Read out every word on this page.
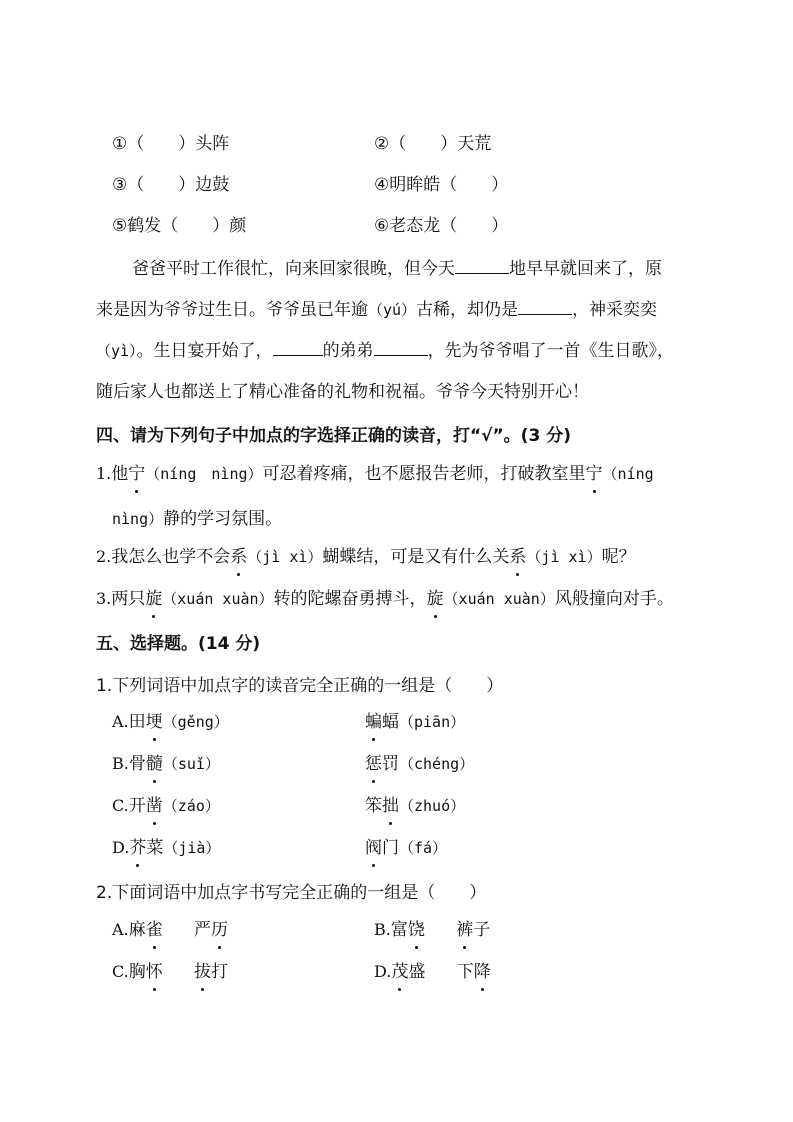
①（　　）头阵	②（　　）天荒
③（　　）边鼓	④明眸皓（　　）
⑤鹤发（　　）颜	⑥老态龙（　　）
爸爸平时工作很忙，向来回家很晚，但今天	地早早就回来了，原
来是因为爷爷过生日。爷爷虽已年逾（yú）古稀，却仍是	，神采奕奕
（yì）。生日宴开始了，	的弟弟	，先为爷爷唱了一首《生日歌》，
随后家人也都送上了精心准备的礼物和祝福。爷爷今天特别开心！
四、请为下列句子中加点的字选择正确的读音，打“√”。(3 分)
1.他宁（níng　nìng）可忍着疼痛，也不愿报告老师，打破教室里宁（níng
nìng）静的学习氛围。
2.我怎么也学不会系（jì xì）蝴蝶结，可是又有什么关系（jì xì）呢？
3.两只旋（xuán xuàn）转的陀螺奋勇搏斗，旋（xuán xuàn）风般撞向对手。
五、选择题。(14 分)
1.下列词语中加点字的读音完全正确的一组是（　　）
A.田埂（gěng）	蝙蝠（piān）
B.骨髓（suǐ）	惩罚（chéng）
C.开凿（záo）	笨拙（zhuó）
D.芥菜（jià）	阀门（fá）
2.下面词语中加点字书写完全正确的一组是（　　）
A.麻雀 严历	B.富饶 裤子
C.胸怀 拔打	D.茂盛 下降
